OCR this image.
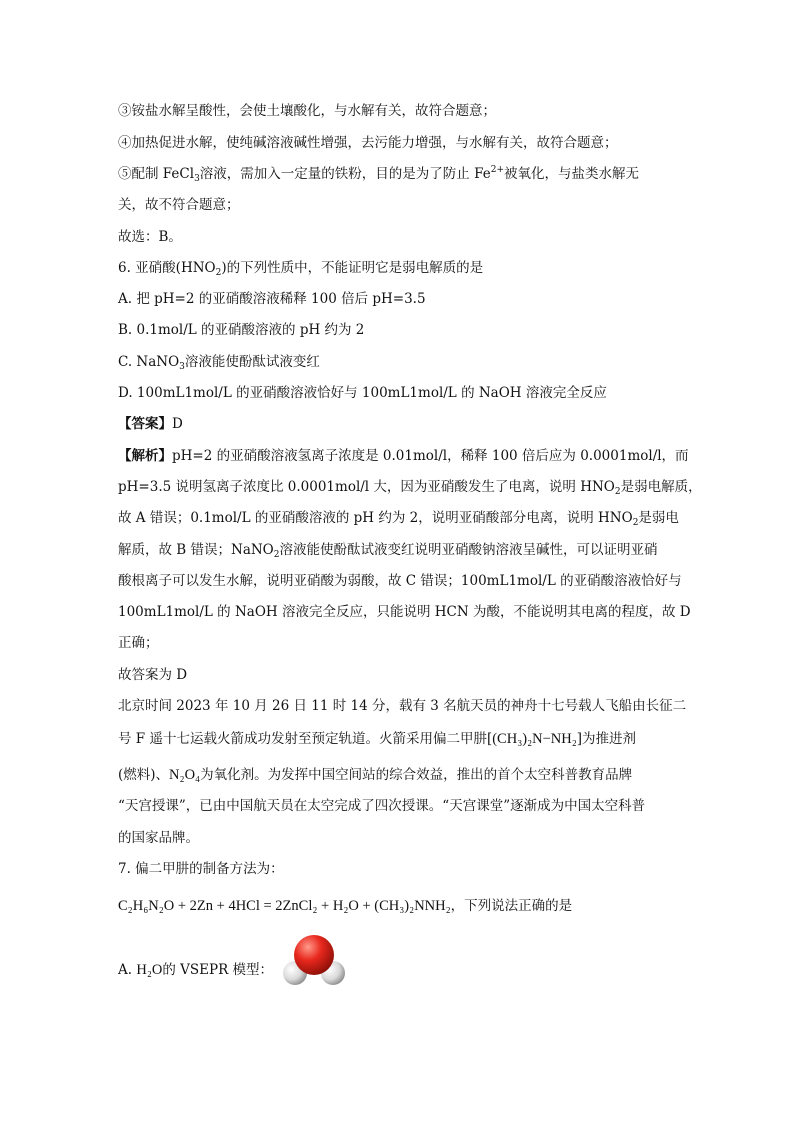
③铵盐水解呈酸性，会使土壤酸化，与水解有关，故符合题意；
④加热促进水解，使纯碱溶液碱性增强，去污能力增强，与水解有关，故符合题意；
⑤配制 FeCl$_3$溶液，需加入一定量的铁粉，目的是为了防止 $Fe^{2+}$被氧化，与盐类水解无
关，故不符合题意；
故选：B。
6. 亚硝酸$(HNO_2)$的下列性质中，不能证明它是弱电解质的是
A. 把 pH=2 的亚硝酸溶液稀释 100 倍后 pH=3.5
B. 0.1mol/L 的亚硝酸溶液的 pH 约为 2
C. NaNO$_3$溶液能使酚酞试液变红
D. 100mL1mol/L 的亚硝酸溶液恰好与 100mL1mol/L 的 NaOH 溶液完全反应
【答案】D
【解析】pH=2 的亚硝酸溶液氢离子浓度是 0.01mol/l，稀释 100 倍后应为 0.0001mol/l，而
pH=3.5 说明氢离子浓度比 0.0001mol/l 大，因为亚硝酸发生了电离，说明 $HNO_2$是弱电解质，
故 A 错误；0.1mol/L 的亚硝酸溶液的 pH 约为 2，说明亚硝酸部分电离，说明 $HNO_2$是弱电
解质，故 B 错误；NaNO$_2$溶液能使酚酞试液变红说明亚硝酸钠溶液呈碱性，可以证明亚硝
酸根离子可以发生水解，说明亚硝酸为弱酸，故 C 错误；100mL1mol/L 的亚硝酸溶液恰好与
100mL1mol/L 的 NaOH 溶液完全反应，只能说明 HCN 为酸，不能说明其电离的程度，故 D
正确；
故答案为 D
北京时间 2023 年 10 月 26 日 11 时 14 分，载有 3 名航天员的神舟十七号载人飞船由长征二
号 F 遥十七运载火箭成功发射至预定轨道。火箭采用偏二甲肼[(CH₃)₂N−NH₂]为推进剂
(燃料)、N₂O₄为氧化剂。为发挥中国空间站的综合效益，推出的首个太空科普教育品牌
“天宫授课”，已由中国航天员在太空完成了四次授课。“天宫课堂”逐渐成为中国太空科普
的国家品牌。
7. 偏二甲肼的制备方法为：
C₂H₆N₂O + 2Zn + 4HCl = 2ZnCl₂ + H₂O + (CH₃)₂NNH₂，下列说法正确的是
A. H₂O的 VSEPR 模型：
